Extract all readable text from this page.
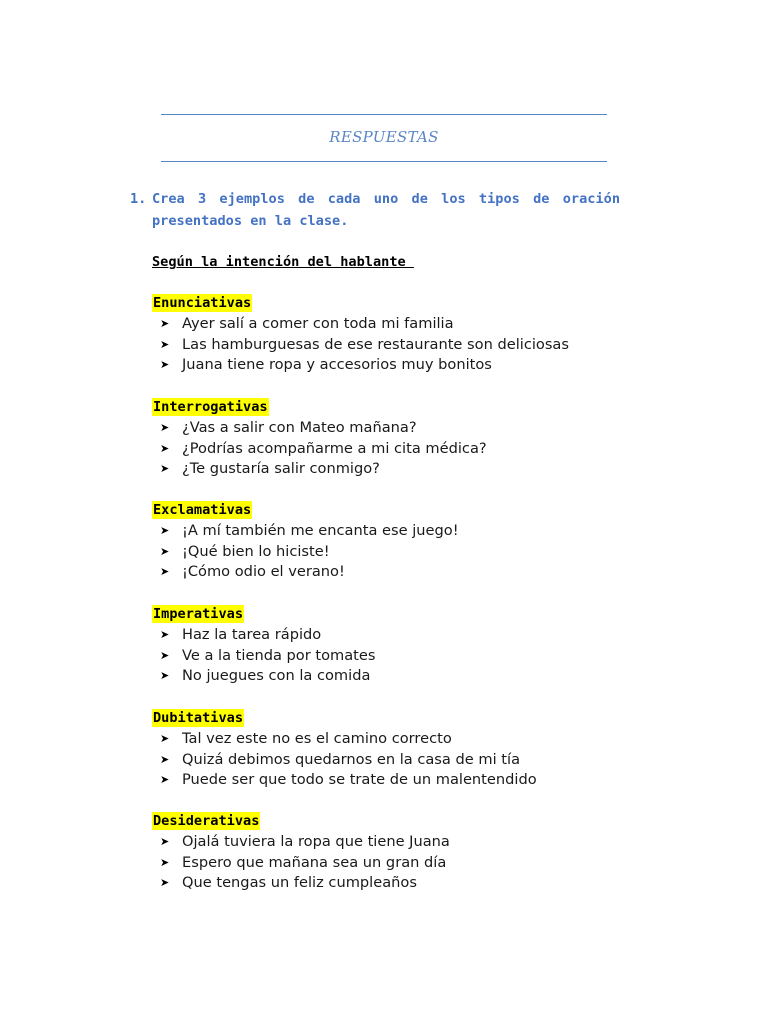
RESPUESTAS
1. Crea 3 ejemplos de cada uno de los tipos de oración presentados en la clase.
Según la intención del hablante
Enunciativas
➤ Ayer salí a comer con toda mi familia
➤ Las hamburguesas de ese restaurante son deliciosas
➤ Juana tiene ropa y accesorios muy bonitos
Interrogativas
➤ ¿Vas a salir con Mateo mañana?
➤ ¿Podrías acompañarme a mi cita médica?
➤ ¿Te gustaría salir conmigo?
Exclamativas
➤ ¡A mí también me encanta ese juego!
➤ ¡Qué bien lo hiciste!
➤ ¡Cómo odio el verano!
Imperativas
➤ Haz la tarea rápido
➤ Ve a la tienda por tomates
➤ No juegues con la comida
Dubitativas
➤ Tal vez este no es el camino correcto
➤ Quizá debimos quedarnos en la casa de mi tía
➤ Puede ser que todo se trate de un malentendido
Desiderativas
➤ Ojalá tuviera la ropa que tiene Juana
➤ Espero que mañana sea un gran día
➤ Que tengas un feliz cumpleaños
